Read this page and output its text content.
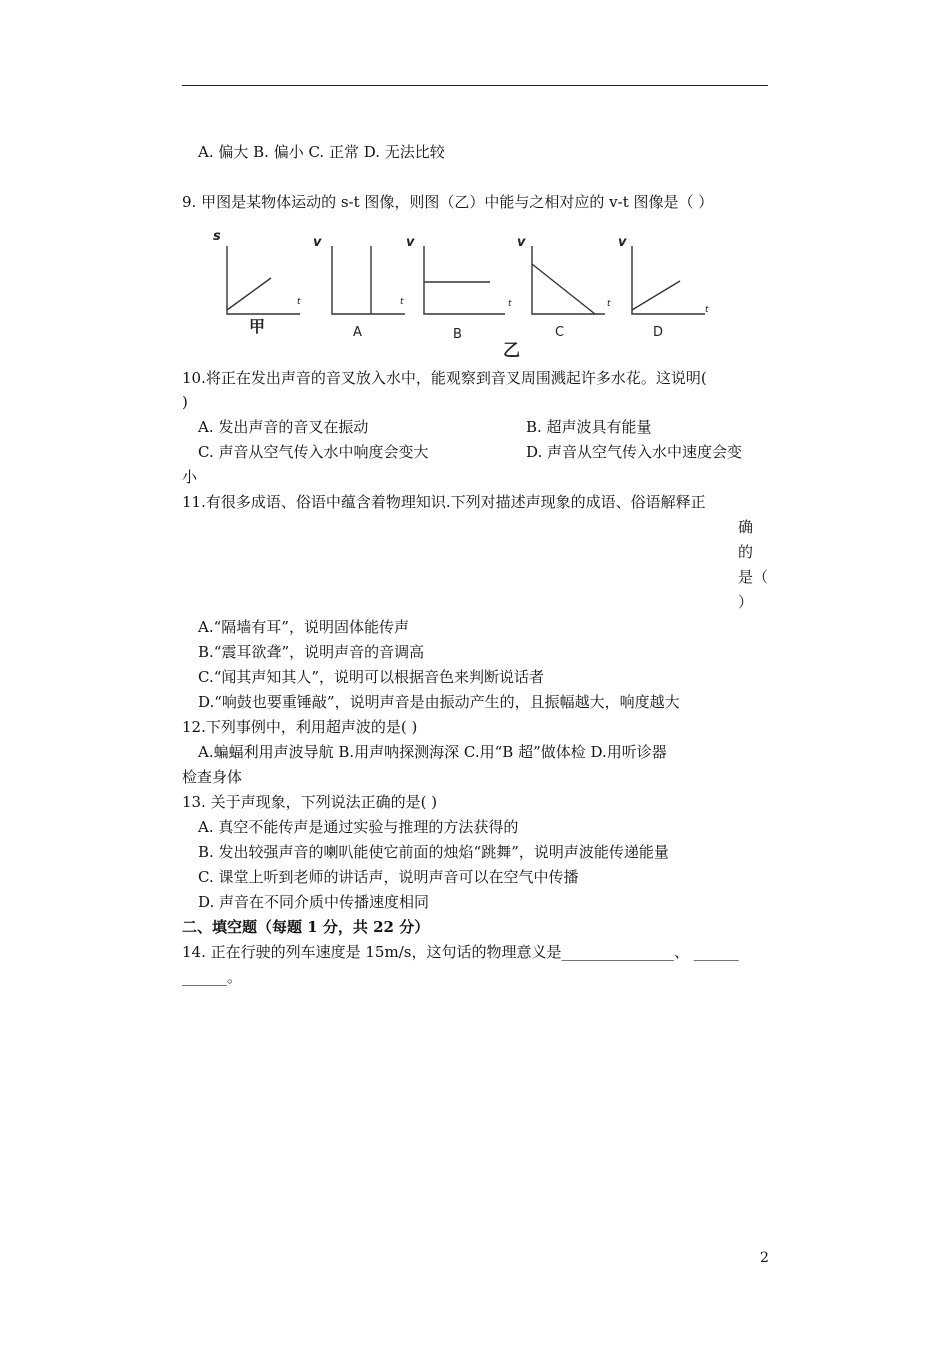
A. 偏大 B. 偏小 C. 正常 D. 无法比较
9. 甲图是某物体运动的 s-t 图像，则图（乙）中能与之相对应的 v-t 图像是（ ）
s	v	v	v	v
t	t	t	t
t
甲	A	B	C	D
乙
10.将正在发出声音的音叉放入水中，能观察到音叉周围溅起许多水花。这说明(
)
A. 发出声音的音叉在振动	B. 超声波具有能量
C. 声音从空气传入水中响度会变大	D. 声音从空气传入水中速度会变
小
11.有很多成语、俗语中蕴含着物理知识.下列对描述声现象的成语、俗语解释正
确
的
是（
）
A.“隔墙有耳”，说明固体能传声
B.“震耳欲聋”，说明声音的音调高
C.“闻其声知其人”，说明可以根据音色来判断说话者
D.“响鼓也要重锤敲”，说明声音是由振动产生的，且振幅越大，响度越大
12.下列事例中，利用超声波的是( )
A.蝙蝠利用声波导航 B.用声呐探测海深 C.用“B 超”做体检 D.用听诊器
检查身体
13. 关于声现象，下列说法正确的是( )
A. 真空不能传声是通过实验与推理的方法获得的
B. 发出较强声音的喇叭能使它前面的烛焰“跳舞”，说明声波能传递能量
C. 课堂上听到老师的讲话声，说明声音可以在空气中传播
D. 声音在不同介质中传播速度相同
二、填空题（每题 1 分，共 22 分）
14. 正在行驶的列车速度是 15m/s，这句话的物理意义是_______________、 ______
______。
2
